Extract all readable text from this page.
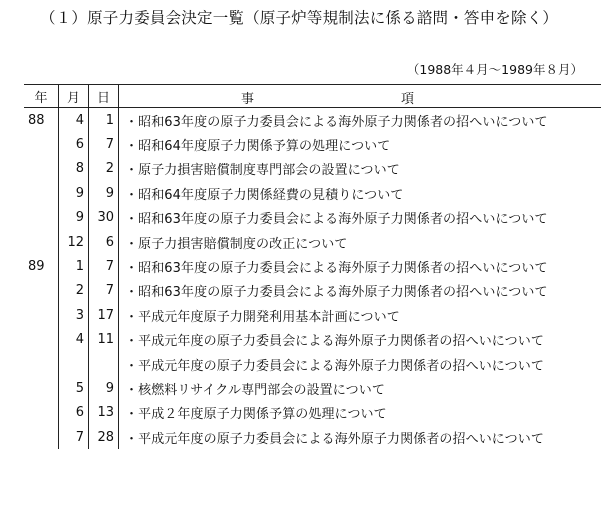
（１）原子力委員会決定一覧（原子炉等規制法に係る諮問・答申を除く）
（1988年４月〜1989年８月）
年	月	日	事 項

88	4	1	・昭和63年度の原子力委員会による海外原子力関係者の招へいについて
	6	7	・昭和64年度原子力関係予算の処理について
	8	2	・原子力損害賠償制度専門部会の設置について
	9	9	・昭和64年度原子力関係経費の見積りについて
	9	30	・昭和63年度の原子力委員会による海外原子力関係者の招へいについて
	12	6	・原子力損害賠償制度の改正について
89	1	7	・昭和63年度の原子力委員会による海外原子力関係者の招へいについて
	2	7	・昭和63年度の原子力委員会による海外原子力関係者の招へいについて
	3	17	・平成元年度原子力開発利用基本計画について
	4	11	・平成元年度の原子力委員会による海外原子力関係者の招へいについて
			・平成元年度の原子力委員会による海外原子力関係者の招へいについて
	5	9	・核燃料リサイクル専門部会の設置について
	6	13	・平成２年度原子力関係予算の処理について
	7	28	・平成元年度の原子力委員会による海外原子力関係者の招へいについて
